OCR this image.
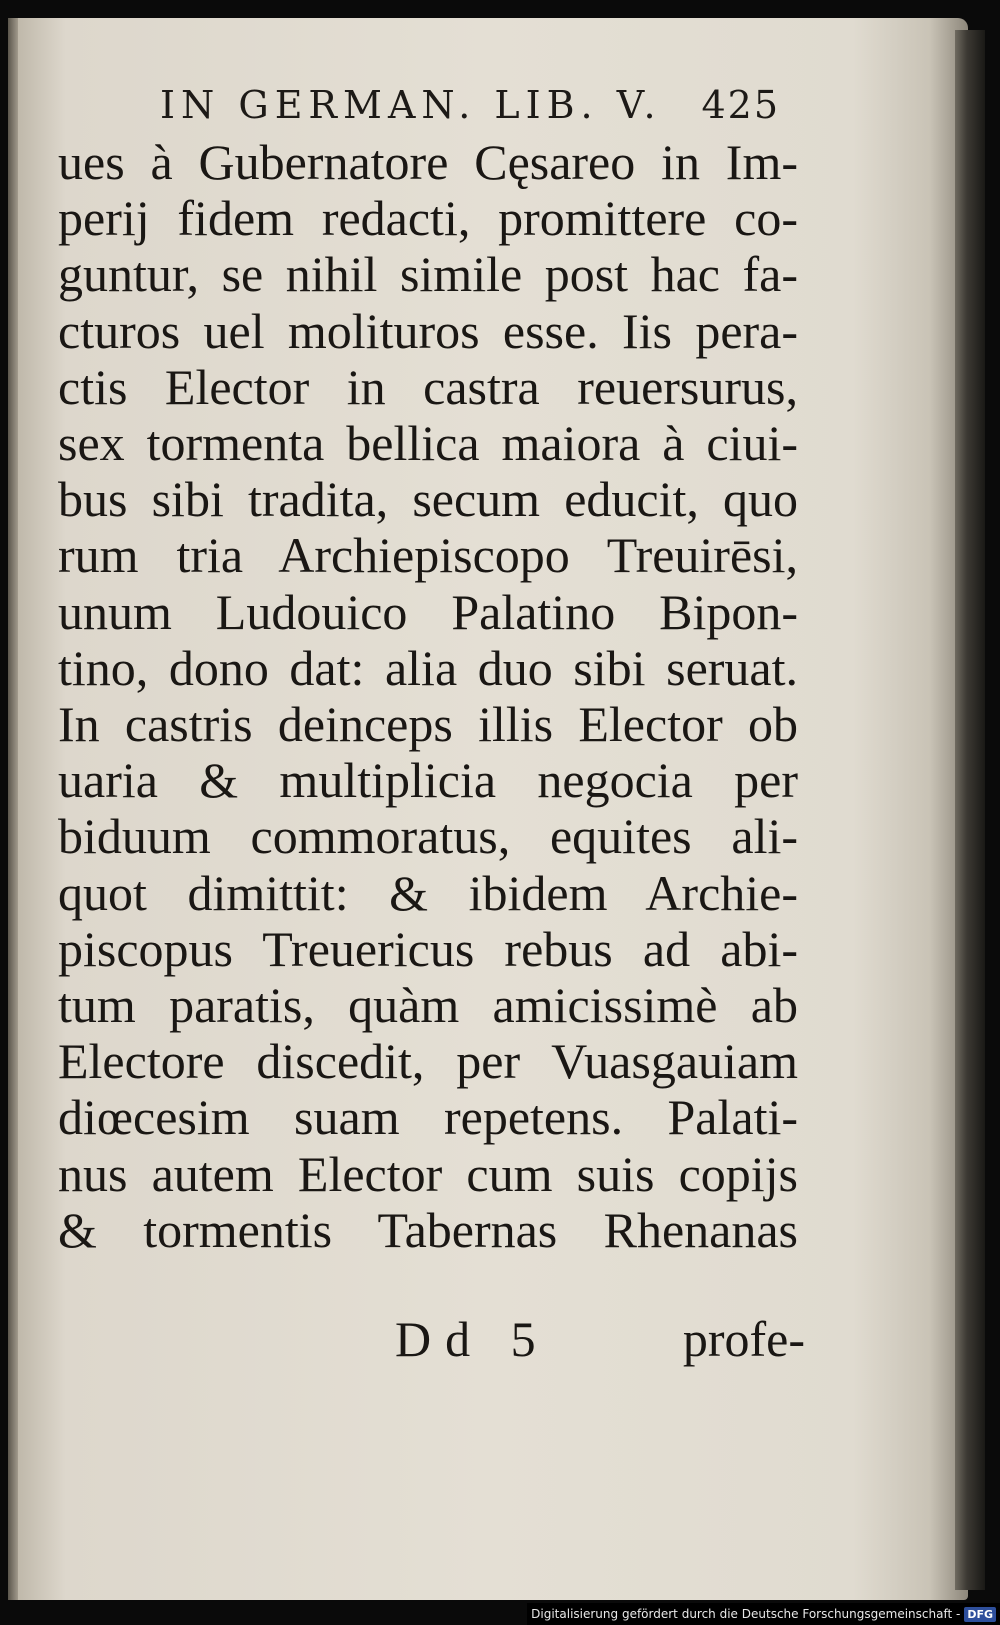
IN GERMAN. LIB. V. 425
ues à Gubernatore Cęsareo in Im-
perij fidem redacti, promittere co-
guntur, se nihil simile post hac fa-
cturos uel molituros esse. Iis pera-
ctis Elector in castra reuersurus,
sex tormenta bellica maiora à ciui-
bus sibi tradita, secum educit, quo
rum tria Archiepiscopo Treuirēsi,
unum Ludouico Palatino Bipon-
tino, dono dat: alia duo sibi seruat.
In castris deinceps illis Elector ob
uaria & multiplicia negocia per
biduum commoratus, equites ali-
quot dimittit: & ibidem Archie-
piscopus Treuericus rebus ad abi-
tum paratis, quàm amicissimè ab
Electore discedit, per Vuasgauiam
diœcesim suam repetens. Palati-
nus autem Elector cum suis copijs
& tormentis Tabernas Rhenanas
Dd 5	profe-
Digitalisierung gefördert durch die Deutsche Forschungsgemeinschaft - DFG
